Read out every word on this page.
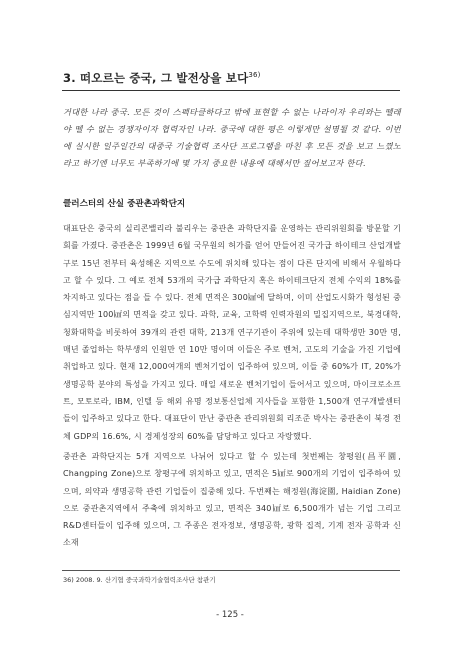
3. 떠오르는 중국, 그 발전상을 보다$^{36)}$
거대한 나라 중국. 모든 것이 스펙타클하다고 밖에 표현할 수 없는 나라이자 우리와는 뗄래야 뗄 수 없는 경쟁자이자 협력자인 나라. 중국에 대한 평은 이렇게만 설명될 것 같다. 이번에 실시한 일주일간의 대중국 기술협력 조사단 프로그램을 마친 후 모든 것을 보고 느꼈노라고 하기엔 너무도 부족하기에 몇 가지 중요한 내용에 대해서만 짚어보고자 한다.
클러스터의 산실 중관촌과학단지

대표단은 중국의 실리콘밸리라 불리우는 중관촌 과학단지를 운영하는 관리위원회를 방문할 기회를 가졌다. 중관촌은 1999년 6월 국무원의 허가를 얻어 만들어진 국가급 하이테크 산업개발구로 15년 전부터 육성해온 지역으로 수도에 위치해 있다는 점이 다른 단지에 비해서 우월하다고 할 수 있다. 그 예로 전체 53개의 국가급 과학단지 혹은 하이테크단지 전체 수익의 18%를 차지하고 있다는 점을 들 수 있다. 전체 면적은 300㎢에 달하며, 이미 산업도시화가 형성된 중심지역만 100㎢의 면적을 갖고 있다. 과학, 교육, 고학력 인력자원의 밀집지역으로, 북경대학, 청화대학을 비롯하여 39개의 관련 대학, 213개 연구기관이 주위에 있는데 대학생만 30만 명, 매년 졸업하는 학부생의 인원만 연 10만 명이며 이들은 주로 벤처, 고도의 기술을 가진 기업에 취업하고 있다. 현재 12,000여개의 벤처기업이 입주하여 있으며, 이들 중 60%가 IT, 20%가 생명공학 분야의 특성을 가지고 있다. 매일 새로운 벤처기업이 들어서고 있으며, 마이크로소프트, 모토로라, IBM, 인텔 등 해외 유명 정보통신업체 지사들을 포함한 1,500개 연구개발센터들이 입주하고 있다고 한다. 대표단이 만난 중관촌 관리위원회 리조준 박사는 중관촌이 북경 전체 GDP의 16.6%, 시 경제성장의 60%를 담당하고 있다고 자랑했다.

중관촌 과학단지는 5개 지역으로 나뉘어 있다고 할 수 있는데 첫번째는 창평원(昌平園, Changping Zone)으로 창평구에 위치하고 있고, 면적은 5㎢로 900개의 기업이 입주하여 있으며, 의약과 생명공학 관련 기업들이 집중해 있다. 두번째는 해정원(海淀園, Haidian Zone)으로 중관촌지역에서 주축에 위치하고 있고, 면적은 340㎢로 6,500개가 넘는 기업 그리고 R&D센터들이 입주해 있으며, 그 주종은 전자정보, 생명공학, 광학 집적, 기계 전자 공학과 신소재

36) 2008. 9. 산기협 중국과학기술협력조사단 참관기
- 125 -
